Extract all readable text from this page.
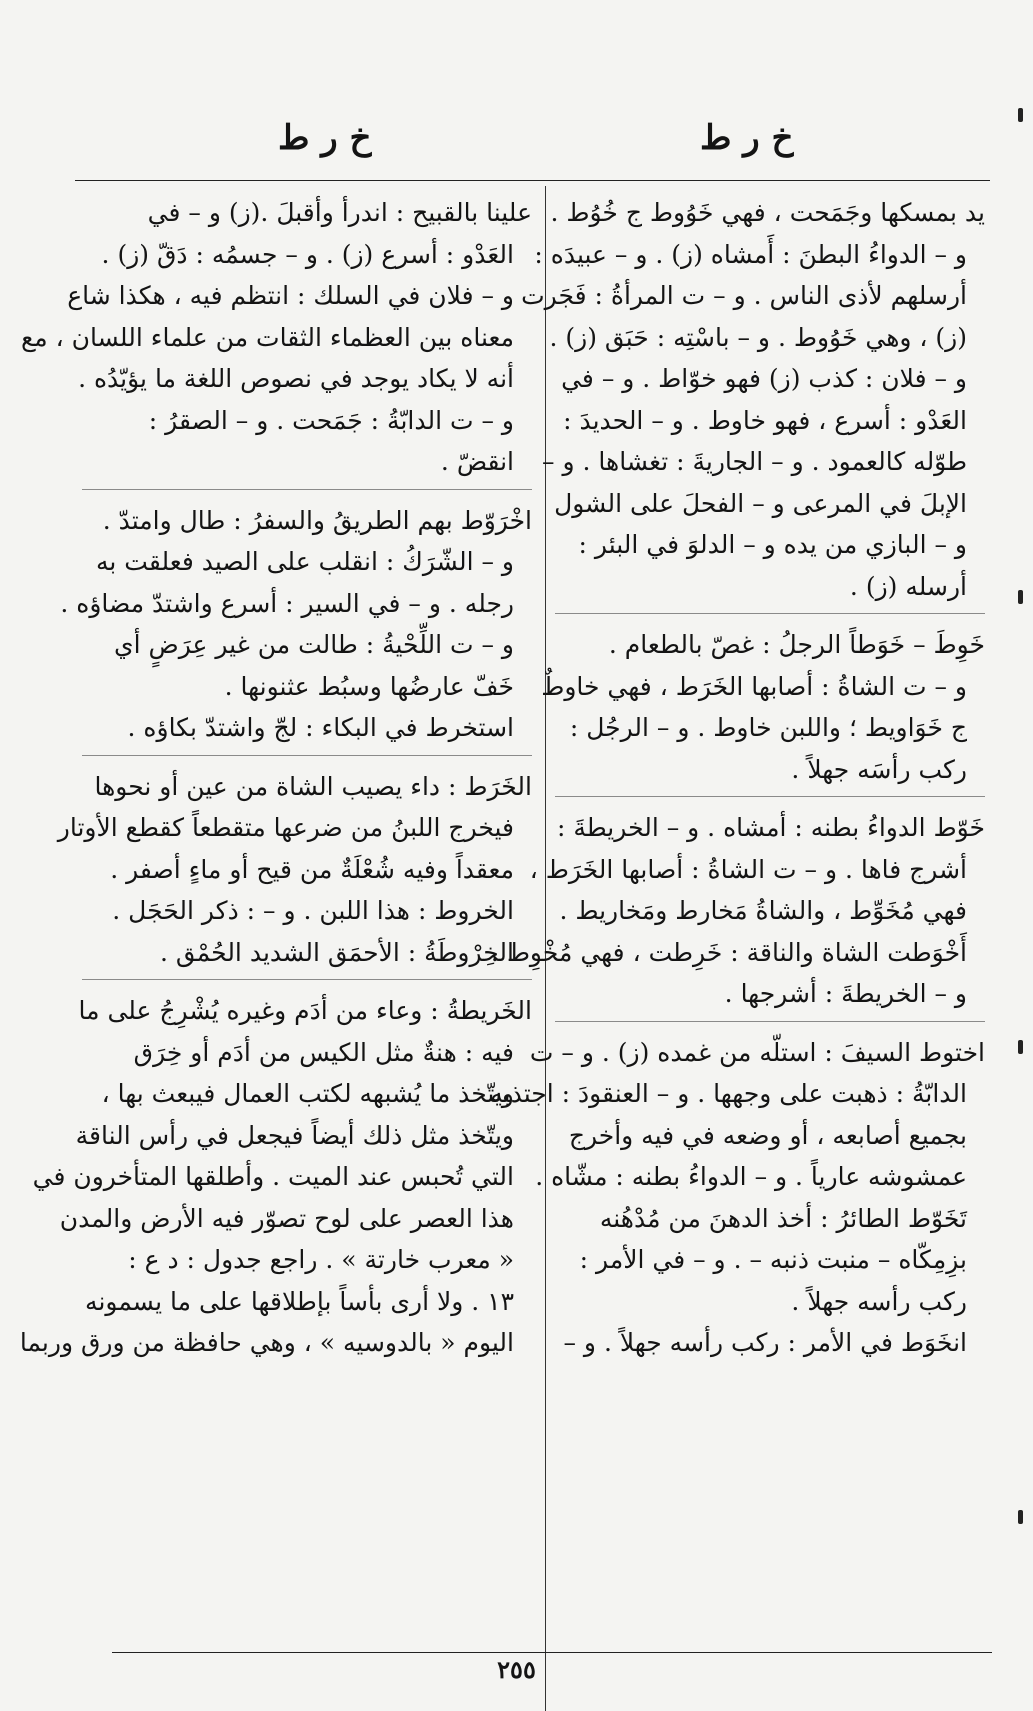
خ ر ط
خ ر ط
يد بمسكها وجَمَحت ، فهي خَوُوط ج خُوُط .
و – الدواءُ البطنَ : أَمشاه (ز) . و – عبيدَه :
أرسلهم لأذى الناس . و – ت المرأةُ : فَجَرت
(ز) ، وهي خَوُوط . و – باسْتِه : حَبَق (ز) .
و – فلان : كذب (ز) فهو خوّاط . و – في
العَدْو : أسرع ، فهو خاوط . و – الحديدَ :
طوّله كالعمود . و – الجاريةَ : تغشاها . و –
الإبلَ في المرعى و – الفحلَ على الشول
و – البازي من يده و – الدلوَ في البئر :
أرسله (ز) .
خَوِطَ – خَوَطاً الرجلُ : غصّ بالطعام .
و – ت الشاةُ : أصابها الخَرَط ، فهي خاوطٌ
ج خَوَاويط ؛ واللبن خاوط . و – الرجُل :
ركب رأسَه جهلاً .
خَوّط الدواءُ بطنه : أمشاه . و – الخريطةَ :
أشرج فاها . و – ت الشاةُ : أصابها الخَرَط ،
فهي مُخَوِّط ، والشاةُ مَخارط ومَخاريط .
أَخْوَطت الشاة والناقة : خَرِطت ، فهي مُخْوِط .
و – الخريطةَ : أشرجها .
اختوط السيفَ : استلّه من غمده (ز) . و – ت
الدابّةُ : ذهبت على وجهها . و – العنقودَ : اجتذبه
بجميع أصابعه ، أو وضعه في فيه وأخرج
عمشوشه عارياً . و – الدواءُ بطنه : مشّاه .
تَخَوّط الطائرُ : أخذ الدهنَ من مُدْهُنه
بزِمِكّاه – منبت ذنبه – . و – في الأمر :
ركب رأسه جهلاً .
انخَوَط في الأمر : ركب رأسه جهلاً . و –
علينا بالقبيح : اندرأ وأقبلَ .(ز) و – في
العَدْو : أسرع (ز) . و – جسمُه : دَقّ (ز) .
و – فلان في السلك : انتظم فيه ، هكذا شاع
معناه بين العظماء الثقات من علماء اللسان ، مع
أنه لا يكاد يوجد في نصوص اللغة ما يؤيّدُه .
و – ت الدابّةُ : جَمَحت . و – الصقرُ :
انقضّ .
اخْرَوّط بهم الطريقُ والسفرُ : طال وامتدّ .
و – الشّرَكُ : انقلب على الصيد فعلقت به
رجله . و – في السير : أسرع واشتدّ مضاؤه .
و – ت اللِّحْيةُ : طالت من غير عِرَضٍ أي
خَفّ عارضُها وسبُط عثنونها .
استخرط في البكاء : لجّ واشتدّ بكاؤه .
الخَرَط : داء يصيب الشاة من عين أو نحوها
فيخرج اللبنُ من ضرعها متقطعاً كقطع الأوتار
معقداً وفيه شُعْلَةٌ من قيح أو ماءٍ أصفر .
الخروط : هذا اللبن . و – : ذكر الحَجَل .
الخِرْوطَةُ : الأحمَق الشديد الحُمْق .
الخَريطةُ : وعاء من أدَم وغيره يُشْرِجُ على ما
فيه : هنةٌ مثل الكيس من أدَم أو خِرَق
ويتّخذ ما يُشبهه لكتب العمال فيبعث بها ،
ويتّخذ مثل ذلك أيضاً فيجعل في رأس الناقة
التي تُحبس عند الميت . وأطلقها المتأخرون في
هذا العصر على لوح تصوّر فيه الأرض والمدن
« معرب خارتة » . راجع جدول : د ع :
١٣ . ولا أرى بأساً بإطلاقها على ما يسمونه
اليوم « بالدوسيه » ، وهي حافظة من ورق وربما
٢٥٥
